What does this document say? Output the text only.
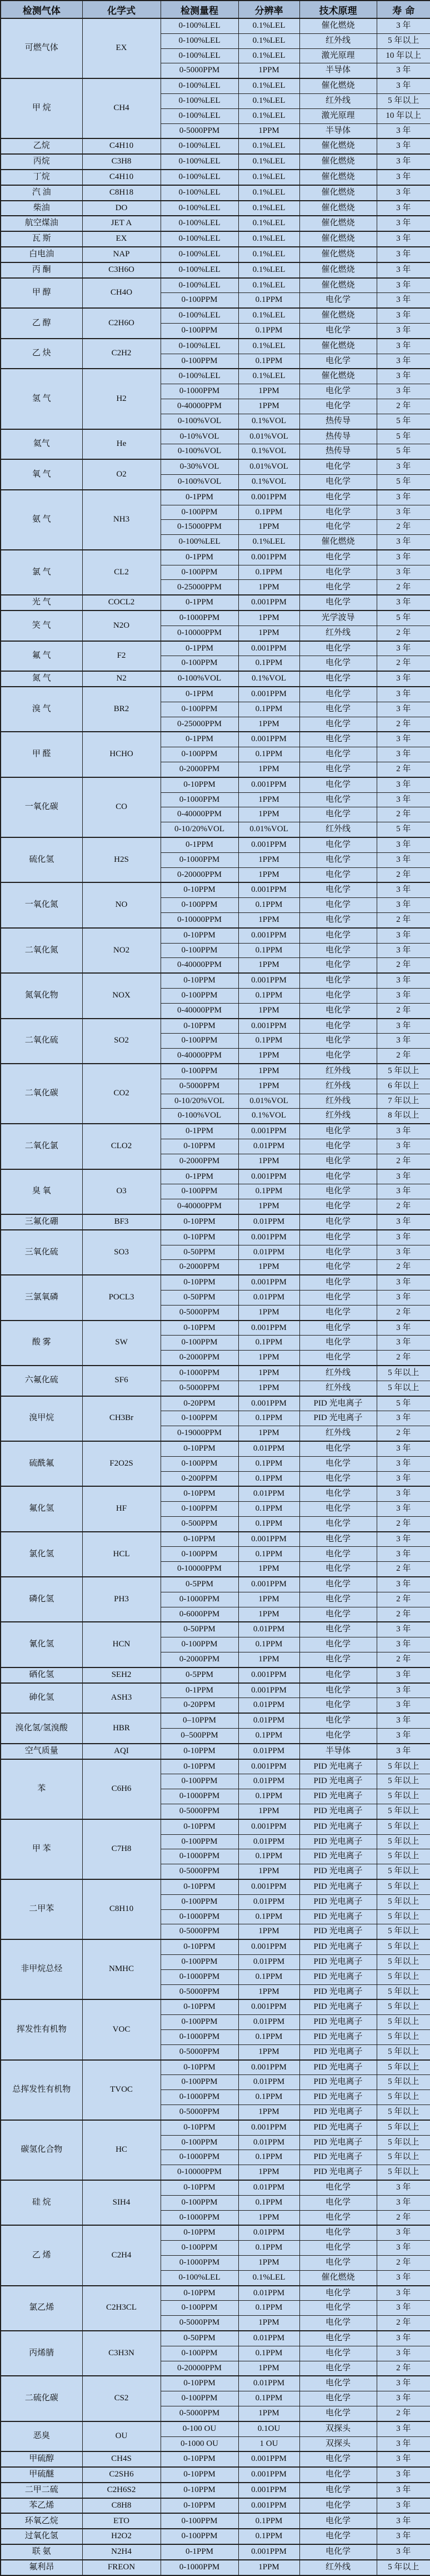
检测气体	化学式	检测量程	分辨率	技术原理	寿 命
可燃气体	EX	0-100%LEL	0.1%LEL	催化燃烧	3 年
		0-100%LEL	0.1%LEL	红外线	5 年以上
		0-100%LEL	0.1%LEL	激光原理	10 年以上
		0-5000PPM	1PPM	半导体	3 年
甲 烷	CH4	0-100%LEL	0.1%LEL	催化燃烧	3 年
		0-100%LEL	0.1%LEL	红外线	5 年以上
		0-100%LEL	0.1%LEL	激光原理	10 年以上
		0-5000PPM	1PPM	半导体	3 年
乙烷	C4H10	0-100%LEL	0.1%LEL	催化燃烧	3 年
丙烷	C3H8	0-100%LEL	0.1%LEL	催化燃烧	3 年
丁烷	C4H10	0-100%LEL	0.1%LEL	催化燃烧	3 年
汽 油	C8H18	0-100%LEL	0.1%LEL	催化燃烧	3 年
柴油	DO	0-100%LEL	0.1%LEL	催化燃烧	3 年
航空煤油	JET A	0-100%LEL	0.1%LEL	催化燃烧	3 年
瓦 斯	EX	0-100%LEL	0.1%LEL	催化燃烧	3 年
白电油	NAP	0-100%LEL	0.1%LEL	催化燃烧	3 年
丙 酮	C3H6O	0-100%LEL	0.1%LEL	催化燃烧	3 年
甲 醇	CH4O	0-100%LEL	0.1%LEL	催化燃烧	3 年
		0-100PPM	0.1PPM	电化学	3 年
乙 醇	C2H6O	0-100%LEL	0.1%LEL	催化燃烧	3 年
		0-100PPM	0.1PPM	电化学	3 年
乙 炔	C2H2	0-100%LEL	0.1%LEL	催化燃烧	3 年
		0-100PPM	0.1PPM	电化学	3 年
氢 气	H2	0-100%LEL	0.1%LEL	催化燃烧	3 年
		0-1000PPM	1PPM	电化学	3 年
		0-40000PPM	1PPM	电化学	2 年
		0-100%VOL	0.1%VOL	热传导	5 年
氦气	He	0-10%VOL	0.01%VOL	热传导	5 年
		0-100%VOL	0.1%VOL	热传导	5 年
氧 气	O2	0-30%VOL	0.01%VOL	电化学	3 年
		0-100%VOL	0.1%VOL	电化学	5 年
氨 气	NH3	0-1PPM	0.001PPM	电化学	3 年
		0-100PPM	0.1PPM	电化学	3 年
		0-15000PPM	1PPM	电化学	2 年
		0-100%LEL	0.1%LEL	催化燃烧	3 年
氯 气	CL2	0-1PPM	0.001PPM	电化学	3 年
		0-100PPM	0.1PPM	电化学	3 年
		0-25000PPM	1PPM	电化学	2 年
光 气	COCL2	0-1PPM	0.001PPM	电化学	3 年
笑 气	N2O	0-1000PPM	1PPM	光学波导	5 年
		0-10000PPM	1PPM	红外线	2 年
氟 气	F2	0-1PPM	0.001PPM	电化学	3 年
		0-100PPM	0.1PPM	电化学	2 年
氮 气	N2	0-100%VOL	0.1%VOL	电化学	3 年
溴 气	BR2	0-1PPM	0.001PPM	电化学	3 年
		0-100PPM	0.1PPM	电化学	3 年
		0-25000PPM	1PPM	电化学	2 年
甲 醛	HCHO	0-1PPM	0.001PPM	电化学	3 年
		0-100PPM	0.1PPM	电化学	3 年
		0-2000PPM	1PPM	电化学	2 年
一氧化碳	CO	0-10PPM	0.001PPM	电化学	3 年
		0-1000PPM	1PPM	电化学	3 年
		0-40000PPM	1PPM	电化学	2 年
		0-10/20%VOL	0.01%VOL	红外线	5 年
硫化氢	H2S	0-1PPM	0.001PPM	电化学	3 年
		0-1000PPM	1PPM	电化学	3 年
		0-20000PPM	1PPM	电化学	2 年
一氧化氮	NO	0-10PPM	0.001PPM	电化学	3 年
		0-100PPM	0.1PPM	电化学	3 年
		0-10000PPM	1PPM	电化学	2 年
二氧化氮	NO2	0-10PPM	0.001PPM	电化学	3 年
		0-100PPM	0.1PPM	电化学	3 年
		0-40000PPM	1PPM	电化学	2 年
氮氧化物	NOX	0-10PPM	0.001PPM	电化学	3 年
		0-100PPM	0.1PPM	电化学	3 年
		0-40000PPM	1PPM	电化学	2 年
二氧化硫	SO2	0-10PPM	0.001PPM	电化学	3 年
		0-100PPM	0.1PPM	电化学	3 年
		0-40000PPM	1PPM	电化学	2 年
二氧化碳	CO2	0-100PPM	1PPM	红外线	5 年以上
		0-5000PPM	1PPM	红外线	6 年以上
		0-10/20%VOL	0.01%VOL	红外线	7 年以上
		0-100%VOL	0.1%VOL	红外线	8 年以上
二氧化氯	CLO2	0-1PPM	0.001PPM	电化学	3 年
		0-10PPM	0.01PPM	电化学	3 年
		0-2000PPM	1PPM	电化学	2 年
臭 氧	O3	0-1PPM	0.001PPM	电化学	3 年
		0-100PPM	0.1PPM	电化学	3 年
		0-40000PPM	1PPM	电化学	2 年
三氟化硼	BF3	0-10PPM	0.01PPM	电化学	3 年
三氧化硫	SO3	0-10PPM	0.001PPM	电化学	3 年
		0-50PPM	0.01PPM	电化学	3 年
		0-2000PPM	1PPM	电化学	2 年
三氯氧磷	POCL3	0-10PPM	0.001PPM	电化学	3 年
		0-50PPM	0.01PPM	电化学	3 年
		0-5000PPM	1PPM	电化学	2 年
酸 雾	SW	0-10PPM	0.001PPM	电化学	3 年
		0-100PPM	0.1PPM	电化学	3 年
		0-2000PPM	1PPM	电化学	2 年
六氟化硫	SF6	0-1000PPM	1PPM	红外线	5 年以上
		0-5000PPM	1PPM	红外线	5 年以上
溴甲烷	CH3Br	0-20PPM	0.001PPM	PID 光电离子	5 年
		0-100PPM	0.1PPM	PID 光电离子	3 年
		0-19000PPM	1PPM	红外线	2 年
硫酰氟	F2O2S	0-10PPM	0.01PPM	电化学	3 年
		0-100PPM	0.1PPM	电化学	3 年
		0-200PPM	0.1PPM	电化学	3 年
氟化氢	HF	0-10PPM	0.01PPM	电化学	3 年
		0-100PPM	0.1PPM	电化学	3 年
		0-500PPM	0.1PPM	电化学	2 年
氯化氢	HCL	0-10PPM	0.001PPM	电化学	3 年
		0-100PPM	0.1PPM	电化学	3 年
		0-10000PPM	1PPM	电化学	2 年
磷化氢	PH3	0-5PPM	0.001PPM	电化学	3 年
		0-1000PPM	1PPM	电化学	2 年
		0-6000PPM	1PPM	电化学	2 年
氰化氢	HCN	0-50PPM	0.01PPM	电化学	3 年
		0-100PPM	0.1PPM	电化学	3 年
		0-2000PPM	1PPM	电化学	2 年
硒化氢	SEH2	0-5PPM	0.001PPM	电化学	3 年
砷化氢	ASH3	0-1PPM	0.001PPM	电化学	3 年
		0-20PPM	0.01PPM	电化学	3 年
溴化氢/氢溴酸	HBR	0–10PPM	0.01PPM	电化学	3 年
		0–500PPM	0.1PPM	电化学	3 年
空气质量	AQI	0-10PPM	0.01PPM	半导体	3 年
苯	C6H6	0-10PPM	0.001PPM	PID 光电离子	5 年以上
		0-100PPM	0.01PPM	PID 光电离子	5 年以上
		0-1000PPM	0.1PPM	PID 光电离子	5 年以上
		0-5000PPM	1PPM	PID 光电离子	5 年以上
甲 苯	C7H8	0-10PPM	0.001PPM	PID 光电离子	5 年以上
		0-100PPM	0.01PPM	PID 光电离子	5 年以上
		0-1000PPM	0.1PPM	PID 光电离子	5 年以上
		0-5000PPM	1PPM	PID 光电离子	5 年以上
二甲苯	C8H10	0-10PPM	0.001PPM	PID 光电离子	5 年以上
		0-100PPM	0.01PPM	PID 光电离子	5 年以上
		0-1000PPM	0.1PPM	PID 光电离子	5 年以上
		0-5000PPM	1PPM	PID 光电离子	5 年以上
非甲烷总烃	NMHC	0-10PPM	0.001PPM	PID 光电离子	5 年以上
		0-100PPM	0.01PPM	PID 光电离子	5 年以上
		0-1000PPM	0.1PPM	PID 光电离子	5 年以上
		0-5000PPM	1PPM	PID 光电离子	5 年以上
挥发性有机物	VOC	0-10PPM	0.001PPM	PID 光电离子	5 年以上
		0-100PPM	0.01PPM	PID 光电离子	5 年以上
		0-1000PPM	0.1PPM	PID 光电离子	5 年以上
		0-5000PPM	1PPM	PID 光电离子	5 年以上
总挥发性有机物	TVOC	0-10PPM	0.001PPM	PID 光电离子	5 年以上
		0-100PPM	0.01PPM	PID 光电离子	5 年以上
		0-1000PPM	0.1PPM	PID 光电离子	5 年以上
		0-5000PPM	1PPM	PID 光电离子	5 年以上
碳氢化合物	HC	0-10PPM	0.001PPM	PID 光电离子	5 年以上
		0-100PPM	0.01PPM	PID 光电离子	5 年以上
		0-1000PPM	0.1PPM	PID 光电离子	5 年以上
		0-10000PPM	1PPM	PID 光电离子	5 年以上
硅 烷	SIH4	0-10PPM	0.01PPM	电化学	3 年
		0-100PPM	0.1PPM	电化学	3 年
		0-1000PPM	1PPM	电化学	2 年
乙 烯	C2H4	0-10PPM	0.01PPM	电化学	3 年
		0-100PPM	0.1PPM	电化学	3 年
		0-1000PPM	1PPM	电化学	2 年
		0-100%LEL	0.1%LEL	催化燃烧	3 年
氯乙烯	C2H3CL	0-10PPM	0.01PPM	电化学	3 年
		0-100PPM	0.1PPM	电化学	3 年
		0-5000PPM	1PPM	电化学	2 年
丙烯腈	C3H3N	0-50PPM	0.01PPM	电化学	3 年
		0-100PPM	0.1PPM	电化学	3 年
		0-20000PPM	1PPM	电化学	2 年
二硫化碳	CS2	0-10PPM	0.01PPM	电化学	3 年
		0-100PPM	0.1PPM	电化学	3 年
		0-5000PPM	1PPM	电化学	2 年
恶臭	OU	0-100 OU	0.1OU	双探头	3 年
		0-1000 OU	1 OU	双探头	3 年
甲硫醇	CH4S	0-10PPM	0.001PPM	电化学	3 年
甲硫醚	C2SH6	0-10PPM	0.001PPM	电化学	3 年
二甲二硫	C2H6S2	0-10PPM	0.001PPM	电化学	3 年
苯乙烯	C8H8	0-10PPM	0.001PPM	电化学	3 年
环氧乙烷	ETO	0-100PPM	0.1PPM	电化学	3 年
过氧化氢	H2O2	0-100PPM	0.1PPM	电化学	3 年
联 氨	N2H4	0-1PPM	0.001PPM	电化学	3 年
氟利昂	FREON	0-1000PPM	1PPM	红外线	5 年以上
